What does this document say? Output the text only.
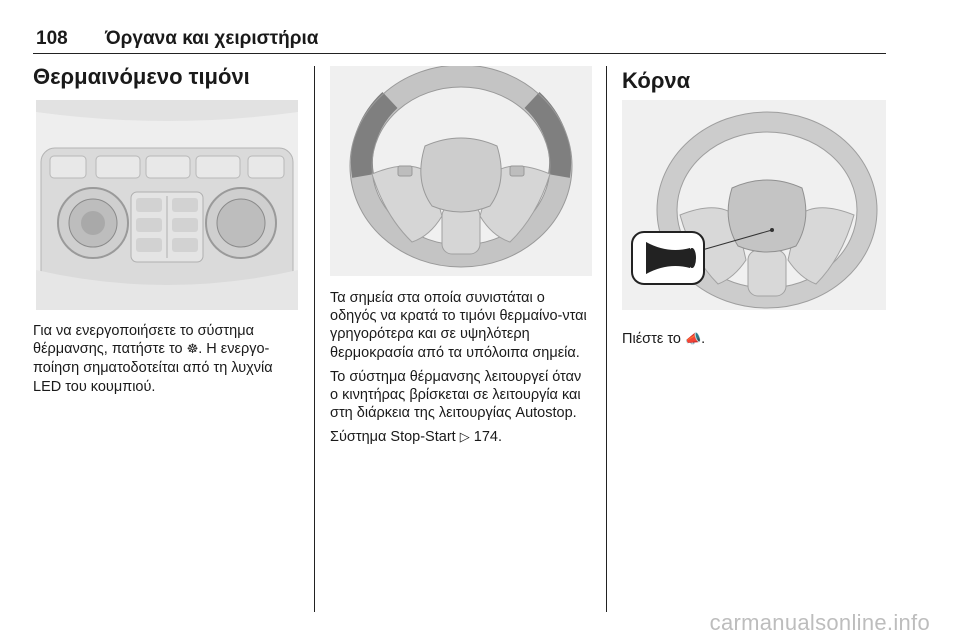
108 Όργανα και χειριστήρια
Θερμαινόμενο τιμόνι

Για να ενεργοποιήσετε το σύστημα θέρμανσης, πατήστε το ☸. Η ενεργο-ποίηση σηματοδοτείται από τη λυχνία LED του κουμπιού.

Τα σημεία στα οποία συνιστάται ο οδηγός να κρατά το τιμόνι θερμαίνο-νται γρηγορότερα και σε υψηλότερη θερμοκρασία από τα υπόλοιπα σημεία.

Το σύστημα θέρμανσης λειτουργεί όταν ο κινητήρας βρίσκεται σε λειτουργία και στη διάρκεια της λειτουργίας Autostop.

Σύστημα Stop-Start ▷ 174.

Κόρνα

Πιέστε το 📣.

carmanualsonline.info
